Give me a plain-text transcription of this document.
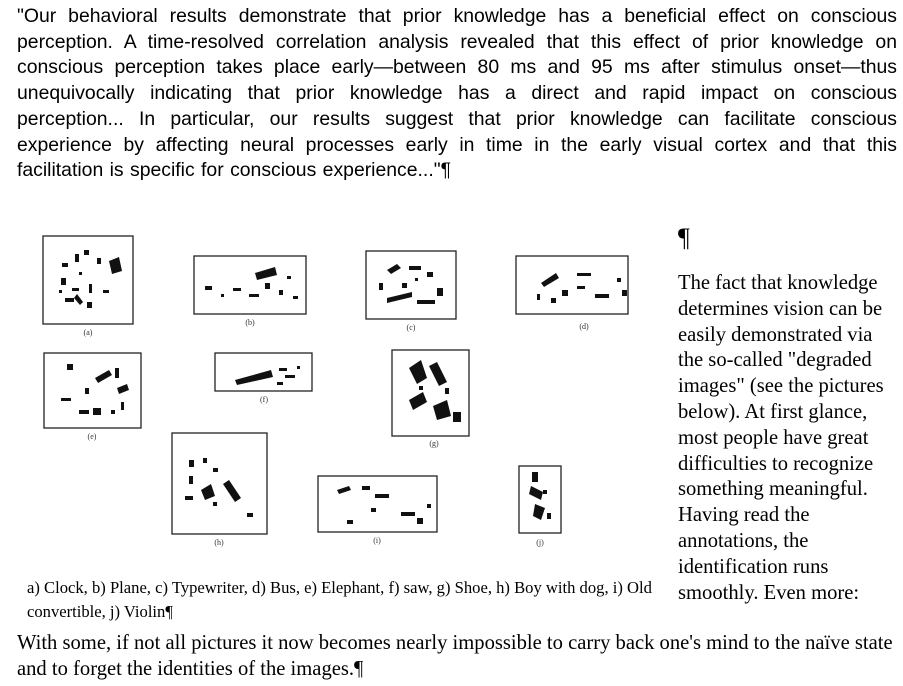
"Our behavioral results demonstrate that prior knowledge has a beneficial effect on conscious perception. A time-resolved correlation analysis revealed that this effect of prior knowledge on conscious perception takes place early—between 80 ms and 95 ms after stimulus onset—thus unequivocally indicating that prior knowledge has a direct and rapid impact on conscious perception... In particular, our results suggest that prior knowledge can facilitate conscious experience by affecting neural processes early in time in the early visual cortex and that this facilitation is specific for conscious experience..."¶

(a)
(b)
(c)	(d)
(e)
(f)
(g)
(h)	(i)	(j)
¶

The fact that knowledge determines vision can be easily demonstrated via the so-called "degraded images" (see the pictures below). At first glance, most people have great difficulties to recognize something meaningful. Having read the annotations, the identification runs smoothly. Even more:

a) Clock, b) Plane, c) Typewriter, d) Bus, e) Elephant, f) saw, g) Shoe, h) Boy with dog, i) Old convertible, j) Violin¶

With some, if not all pictures it now becomes nearly impossible to carry back one's mind to the naïve state and to forget the identities of the images.¶
